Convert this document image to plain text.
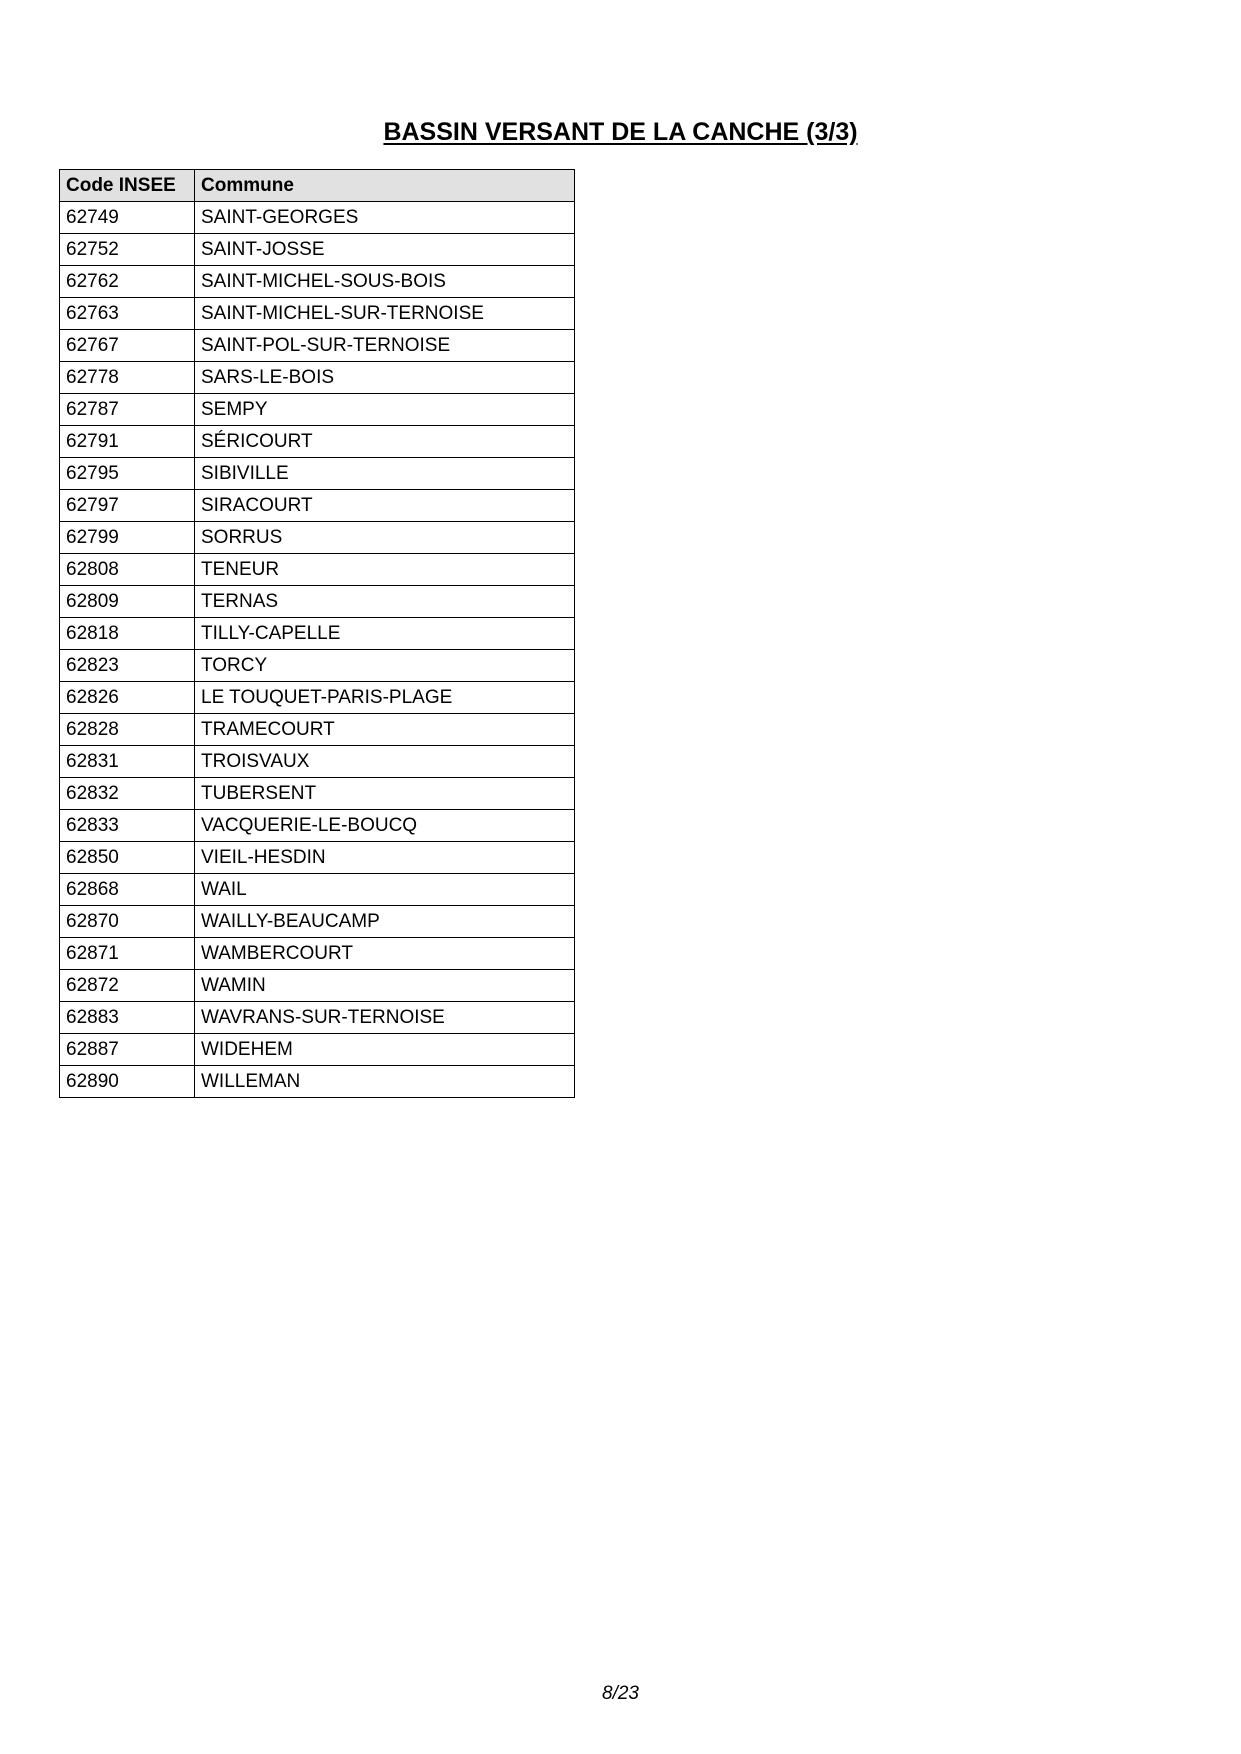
BASSIN VERSANT DE LA CANCHE (3/3)
Code INSEE	Commune
62749	SAINT-GEORGES
62752	SAINT-JOSSE
62762	SAINT-MICHEL-SOUS-BOIS
62763	SAINT-MICHEL-SUR-TERNOISE
62767	SAINT-POL-SUR-TERNOISE
62778	SARS-LE-BOIS
62787	SEMPY
62791	SÉRICOURT
62795	SIBIVILLE
62797	SIRACOURT
62799	SORRUS
62808	TENEUR
62809	TERNAS
62818	TILLY-CAPELLE
62823	TORCY
62826	LE TOUQUET-PARIS-PLAGE
62828	TRAMECOURT
62831	TROISVAUX
62832	TUBERSENT
62833	VACQUERIE-LE-BOUCQ
62850	VIEIL-HESDIN
62868	WAIL
62870	WAILLY-BEAUCAMP
62871	WAMBERCOURT
62872	WAMIN
62883	WAVRANS-SUR-TERNOISE
62887	WIDEHEM
62890	WILLEMAN
8/23
